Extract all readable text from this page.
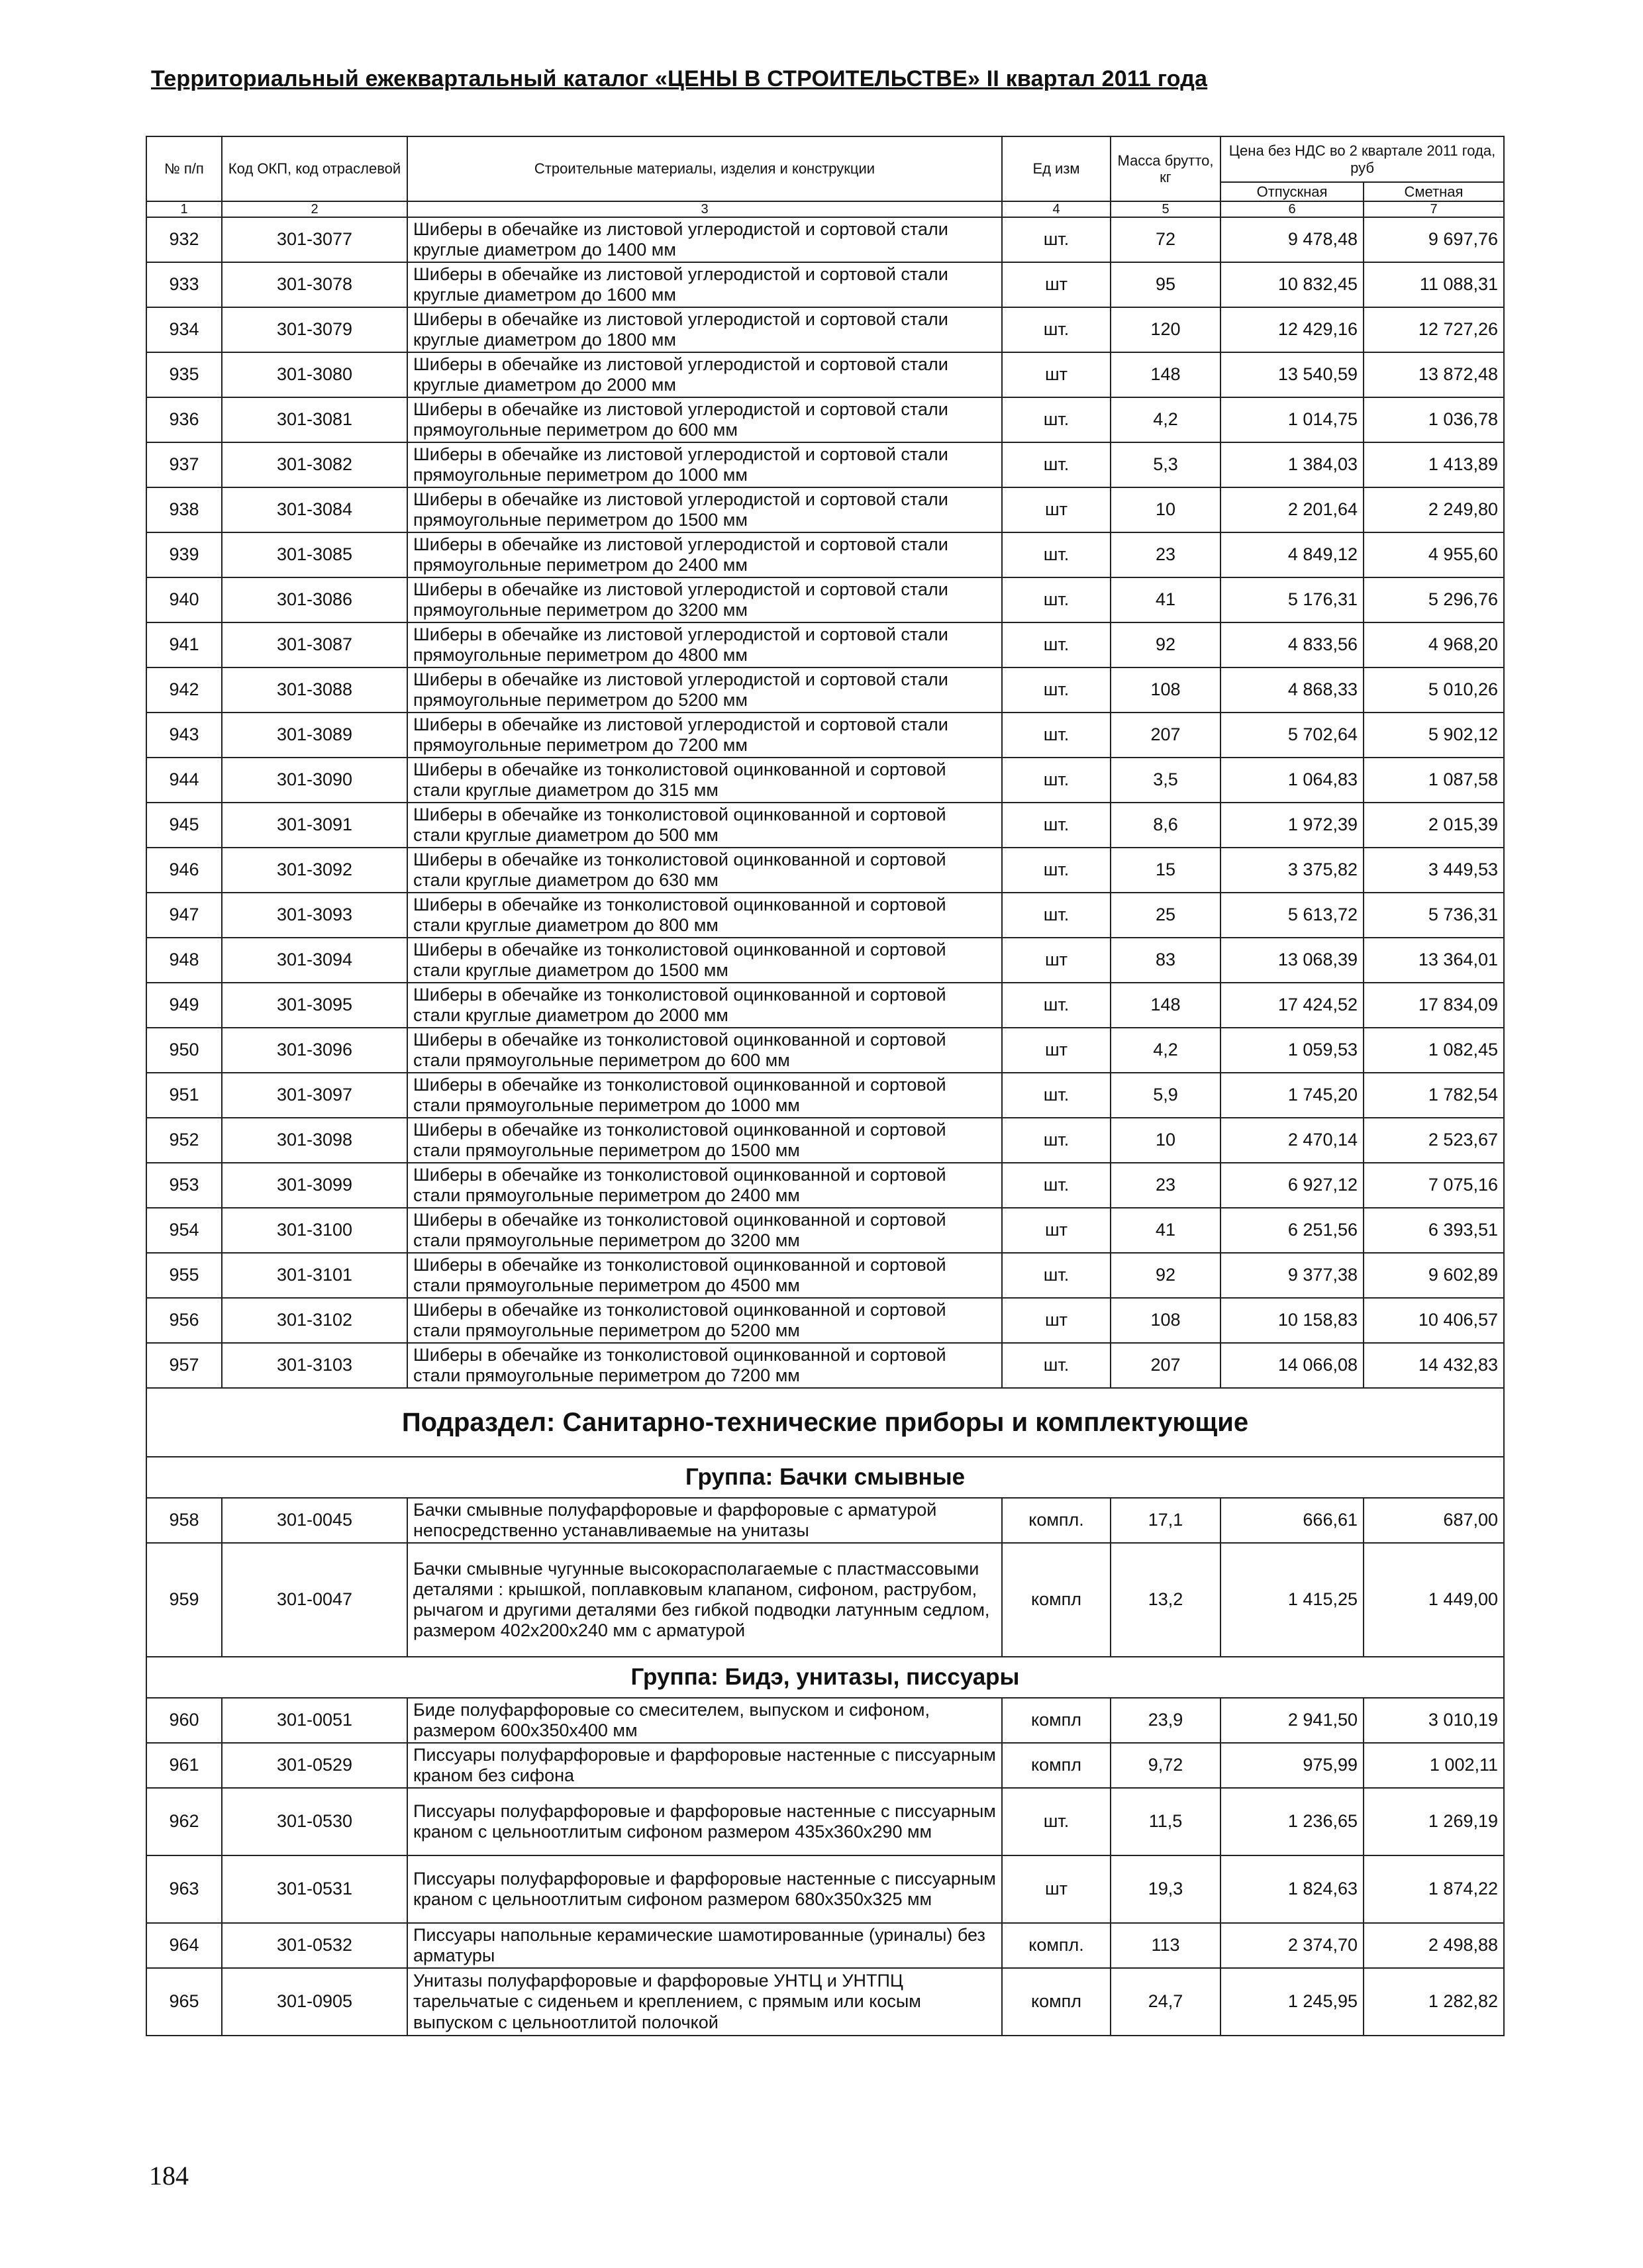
Территориальный ежеквартальный каталог «ЦЕНЫ В СТРОИТЕЛЬСТВЕ» II квартал 2011 года
№ п/п	Код ОКП, код отраслевой	Строительные материалы, изделия и конструкции	Ед изм	Масса брутто, кг	Цена без НДС во 2 квартале 2011 года, руб	
					Отпускная	Сметная
1	2	3	4	5	6	7
932	301-3077	Шиберы в обечайке из листовой углеродистой и сортовой стали круглые диаметром до 1400 мм	шт.	72	9 478,48	9 697,76
933	301-3078	Шиберы в обечайке из листовой углеродистой и сортовой стали круглые диаметром до 1600 мм	шт	95	10 832,45	11 088,31
934	301-3079	Шиберы в обечайке из листовой углеродистой и сортовой стали круглые диаметром до 1800 мм	шт.	120	12 429,16	12 727,26
935	301-3080	Шиберы в обечайке из листовой углеродистой и сортовой стали круглые диаметром до 2000 мм	шт	148	13 540,59	13 872,48
936	301-3081	Шиберы в обечайке из листовой углеродистой и сортовой стали прямоугольные периметром до 600 мм	шт.	4,2	1 014,75	1 036,78
937	301-3082	Шиберы в обечайке из листовой углеродистой и сортовой стали прямоугольные периметром до 1000 мм	шт.	5,3	1 384,03	1 413,89
938	301-3084	Шиберы в обечайке из листовой углеродистой и сортовой стали прямоугольные периметром до 1500 мм	шт	10	2 201,64	2 249,80
939	301-3085	Шиберы в обечайке из листовой углеродистой и сортовой стали прямоугольные периметром до 2400 мм	шт.	23	4 849,12	4 955,60
940	301-3086	Шиберы в обечайке из листовой углеродистой и сортовой стали прямоугольные периметром до 3200 мм	шт.	41	5 176,31	5 296,76
941	301-3087	Шиберы в обечайке из листовой углеродистой и сортовой стали прямоугольные периметром до 4800 мм	шт.	92	4 833,56	4 968,20
942	301-3088	Шиберы в обечайке из листовой углеродистой и сортовой стали прямоугольные периметром до 5200 мм	шт.	108	4 868,33	5 010,26
943	301-3089	Шиберы в обечайке из листовой углеродистой и сортовой стали прямоугольные периметром до 7200 мм	шт.	207	5 702,64	5 902,12
944	301-3090	Шиберы в обечайке из тонколистовой оцинкованной и сортовой стали круглые диаметром до 315 мм	шт.	3,5	1 064,83	1 087,58
945	301-3091	Шиберы в обечайке из тонколистовой оцинкованной и сортовой стали круглые диаметром до 500 мм	шт.	8,6	1 972,39	2 015,39
946	301-3092	Шиберы в обечайке из тонколистовой оцинкованной и сортовой стали круглые диаметром до 630 мм	шт.	15	3 375,82	3 449,53
947	301-3093	Шиберы в обечайке из тонколистовой оцинкованной и сортовой стали круглые диаметром до 800 мм	шт.	25	5 613,72	5 736,31
948	301-3094	Шиберы в обечайке из тонколистовой оцинкованной и сортовой стали круглые диаметром до 1500 мм	шт	83	13 068,39	13 364,01
949	301-3095	Шиберы в обечайке из тонколистовой оцинкованной и сортовой стали круглые диаметром до 2000 мм	шт.	148	17 424,52	17 834,09
950	301-3096	Шиберы в обечайке из тонколистовой оцинкованной и сортовой стали прямоугольные периметром до 600 мм	шт	4,2	1 059,53	1 082,45
951	301-3097	Шиберы в обечайке из тонколистовой оцинкованной и сортовой стали прямоугольные периметром до 1000 мм	шт.	5,9	1 745,20	1 782,54
952	301-3098	Шиберы в обечайке из тонколистовой оцинкованной и сортовой стали прямоугольные периметром до 1500 мм	шт.	10	2 470,14	2 523,67
953	301-3099	Шиберы в обечайке из тонколистовой оцинкованной и сортовой стали прямоугольные периметром до 2400 мм	шт.	23	6 927,12	7 075,16
954	301-3100	Шиберы в обечайке из тонколистовой оцинкованной и сортовой стали прямоугольные периметром до 3200 мм	шт	41	6 251,56	6 393,51
955	301-3101	Шиберы в обечайке из тонколистовой оцинкованной и сортовой стали прямоугольные периметром до 4500 мм	шт.	92	9 377,38	9 602,89
956	301-3102	Шиберы в обечайке из тонколистовой оцинкованной и сортовой стали прямоугольные периметром до 5200 мм	шт	108	10 158,83	10 406,57
957	301-3103	Шиберы в обечайке из тонколистовой оцинкованной и сортовой стали прямоугольные периметром до 7200 мм	шт.	207	14 066,08	14 432,83
Подраздел: Санитарно-технические приборы и комплектующие						
Группа: Бачки смывные						
958	301-0045	Бачки смывные полуфарфоровые и фарфоровые с арматурой непосредственно устанавливаемые на унитазы	компл.	17,1	666,61	687,00
959	301-0047	Бачки смывные чугунные высокорасполагаемые с пластмассовыми деталями : крышкой, поплавковым клапаном, сифоном, раструбом, рычагом и другими деталями без гибкой подводки латунным седлом, размером 402х200х240 мм с арматурой	компл	13,2	1 415,25	1 449,00
Группа: Бидэ, унитазы, писсуары						
960	301-0051	Биде полуфарфоровые со смесителем, выпуском и сифоном, размером 600х350х400 мм	компл	23,9	2 941,50	3 010,19
961	301-0529	Писсуары полуфарфоровые и фарфоровые настенные с писсуарным краном без сифона	компл	9,72	975,99	1 002,11
962	301-0530	Писсуары полуфарфоровые и фарфоровые настенные с писсуарным краном с цельноотлитым сифоном размером 435х360х290 мм	шт.	11,5	1 236,65	1 269,19
963	301-0531	Писсуары полуфарфоровые и фарфоровые настенные с писсуарным краном с цельноотлитым сифоном размером 680х350х325 мм	шт	19,3	1 824,63	1 874,22
964	301-0532	Писсуары напольные керамические шамотированные (уриналы) без арматуры	компл.	113	2 374,70	2 498,88
965	301-0905	Унитазы полуфарфоровые и фарфоровые УНТЦ и УНТПЦ тарельчатые с сиденьем и креплением, с прямым или косым выпуском с цельноотлитой полочкой	компл	24,7	1 245,95	1 282,82
184
